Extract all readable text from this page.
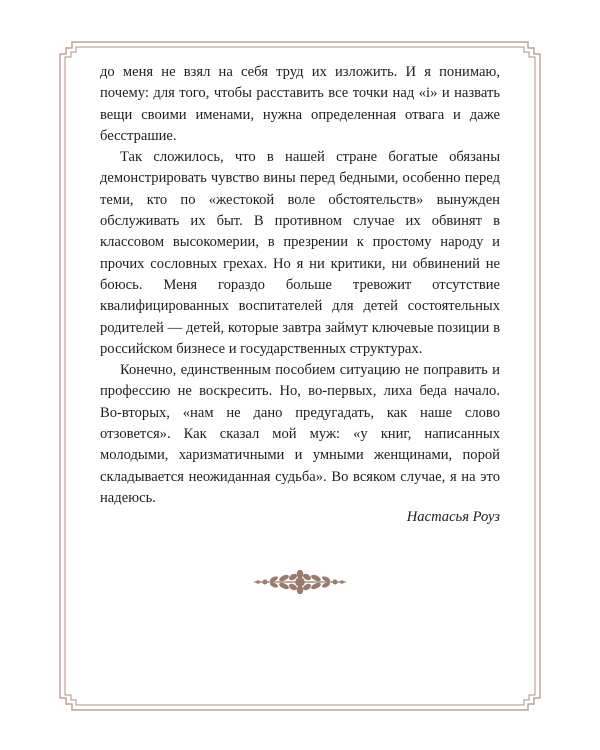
до меня не взял на себя труд их изложить. И я понимаю, почему: для того, чтобы расставить все точки над «i» и назвать вещи своими именами, нужна определенная отвага и даже бесстрашие.

Так сложилось, что в нашей стране богатые обязаны демонстрировать чувство вины перед бедными, особенно перед теми, кто по «жестокой воле обстоятельств» вынужден обслуживать их быт. В противном случае их обвинят в классовом высокомерии, в презрении к простому народу и прочих сословных грехах. Но я ни критики, ни обвинений не боюсь. Меня гораздо больше тревожит отсутствие квалифицированных воспитателей для детей состоятельных родителей — детей, которые завтра займут ключевые позиции в российском бизнесе и государственных структурах.

Конечно, единственным пособием ситуацию не поправить и профессию не воскресить. Но, во-первых, лиха беда начало. Во-вторых, «нам не дано предугадать, как наше слово отзовется». Как сказал мой муж: «у книг, написанных молодыми, харизматичными и умными женщинами, порой складывается неожиданная судьба». Во всяком случае, я на это надеюсь.

Настасья Роуз
